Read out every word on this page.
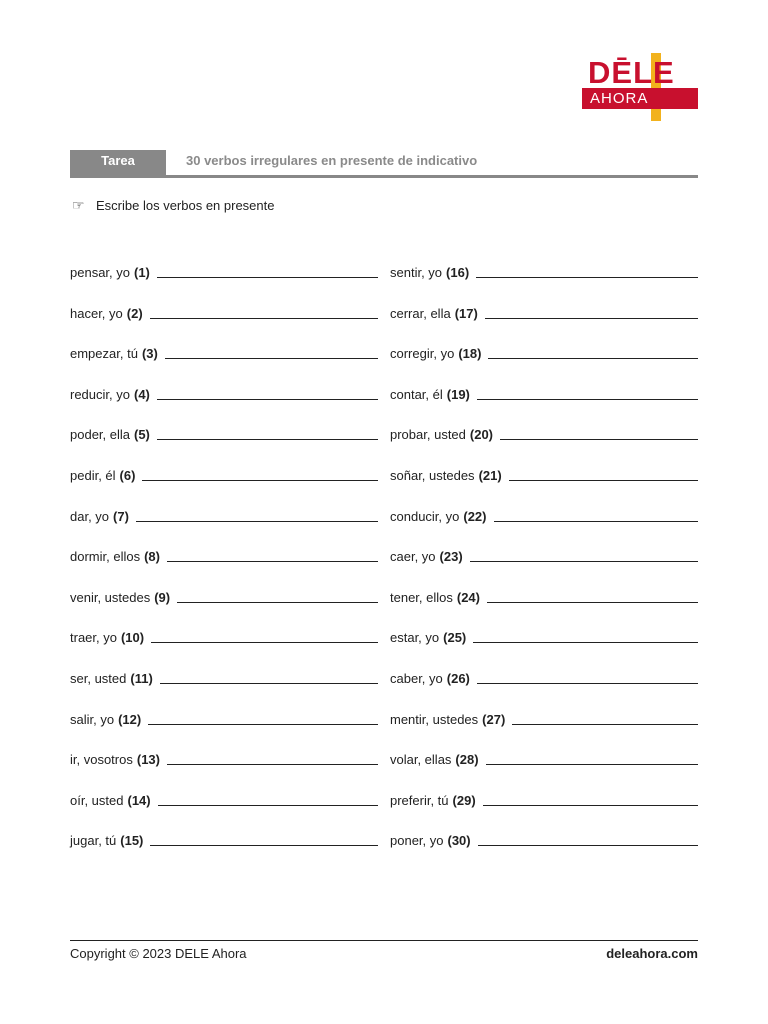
DĒLE
AHORA
Tarea	30 verbos irregulares en presente de indicativo
☞ Escribe los verbos en presente
pensar, yo (1)
hacer, yo (2)
empezar, tú (3)
reducir, yo (4)
poder, ella (5)
pedir, él (6)
dar, yo (7)
dormir, ellos (8)
venir, ustedes (9)
traer, yo (10)
ser, usted (11)
salir, yo (12)
ir, vosotros (13)
oír, usted (14)
jugar, tú (15)
sentir, yo (16)
cerrar, ella (17)
corregir, yo (18)
contar, él (19)
probar, usted (20)
soñar, ustedes (21)
conducir, yo (22)
caer, yo (23)
tener, ellos (24)
estar, yo (25)
caber, yo (26)
mentir, ustedes (27)
volar, ellas (28)
preferir, tú (29)
poner, yo (30)
Copyright © 2023 DELE Ahora	deleahora.com
